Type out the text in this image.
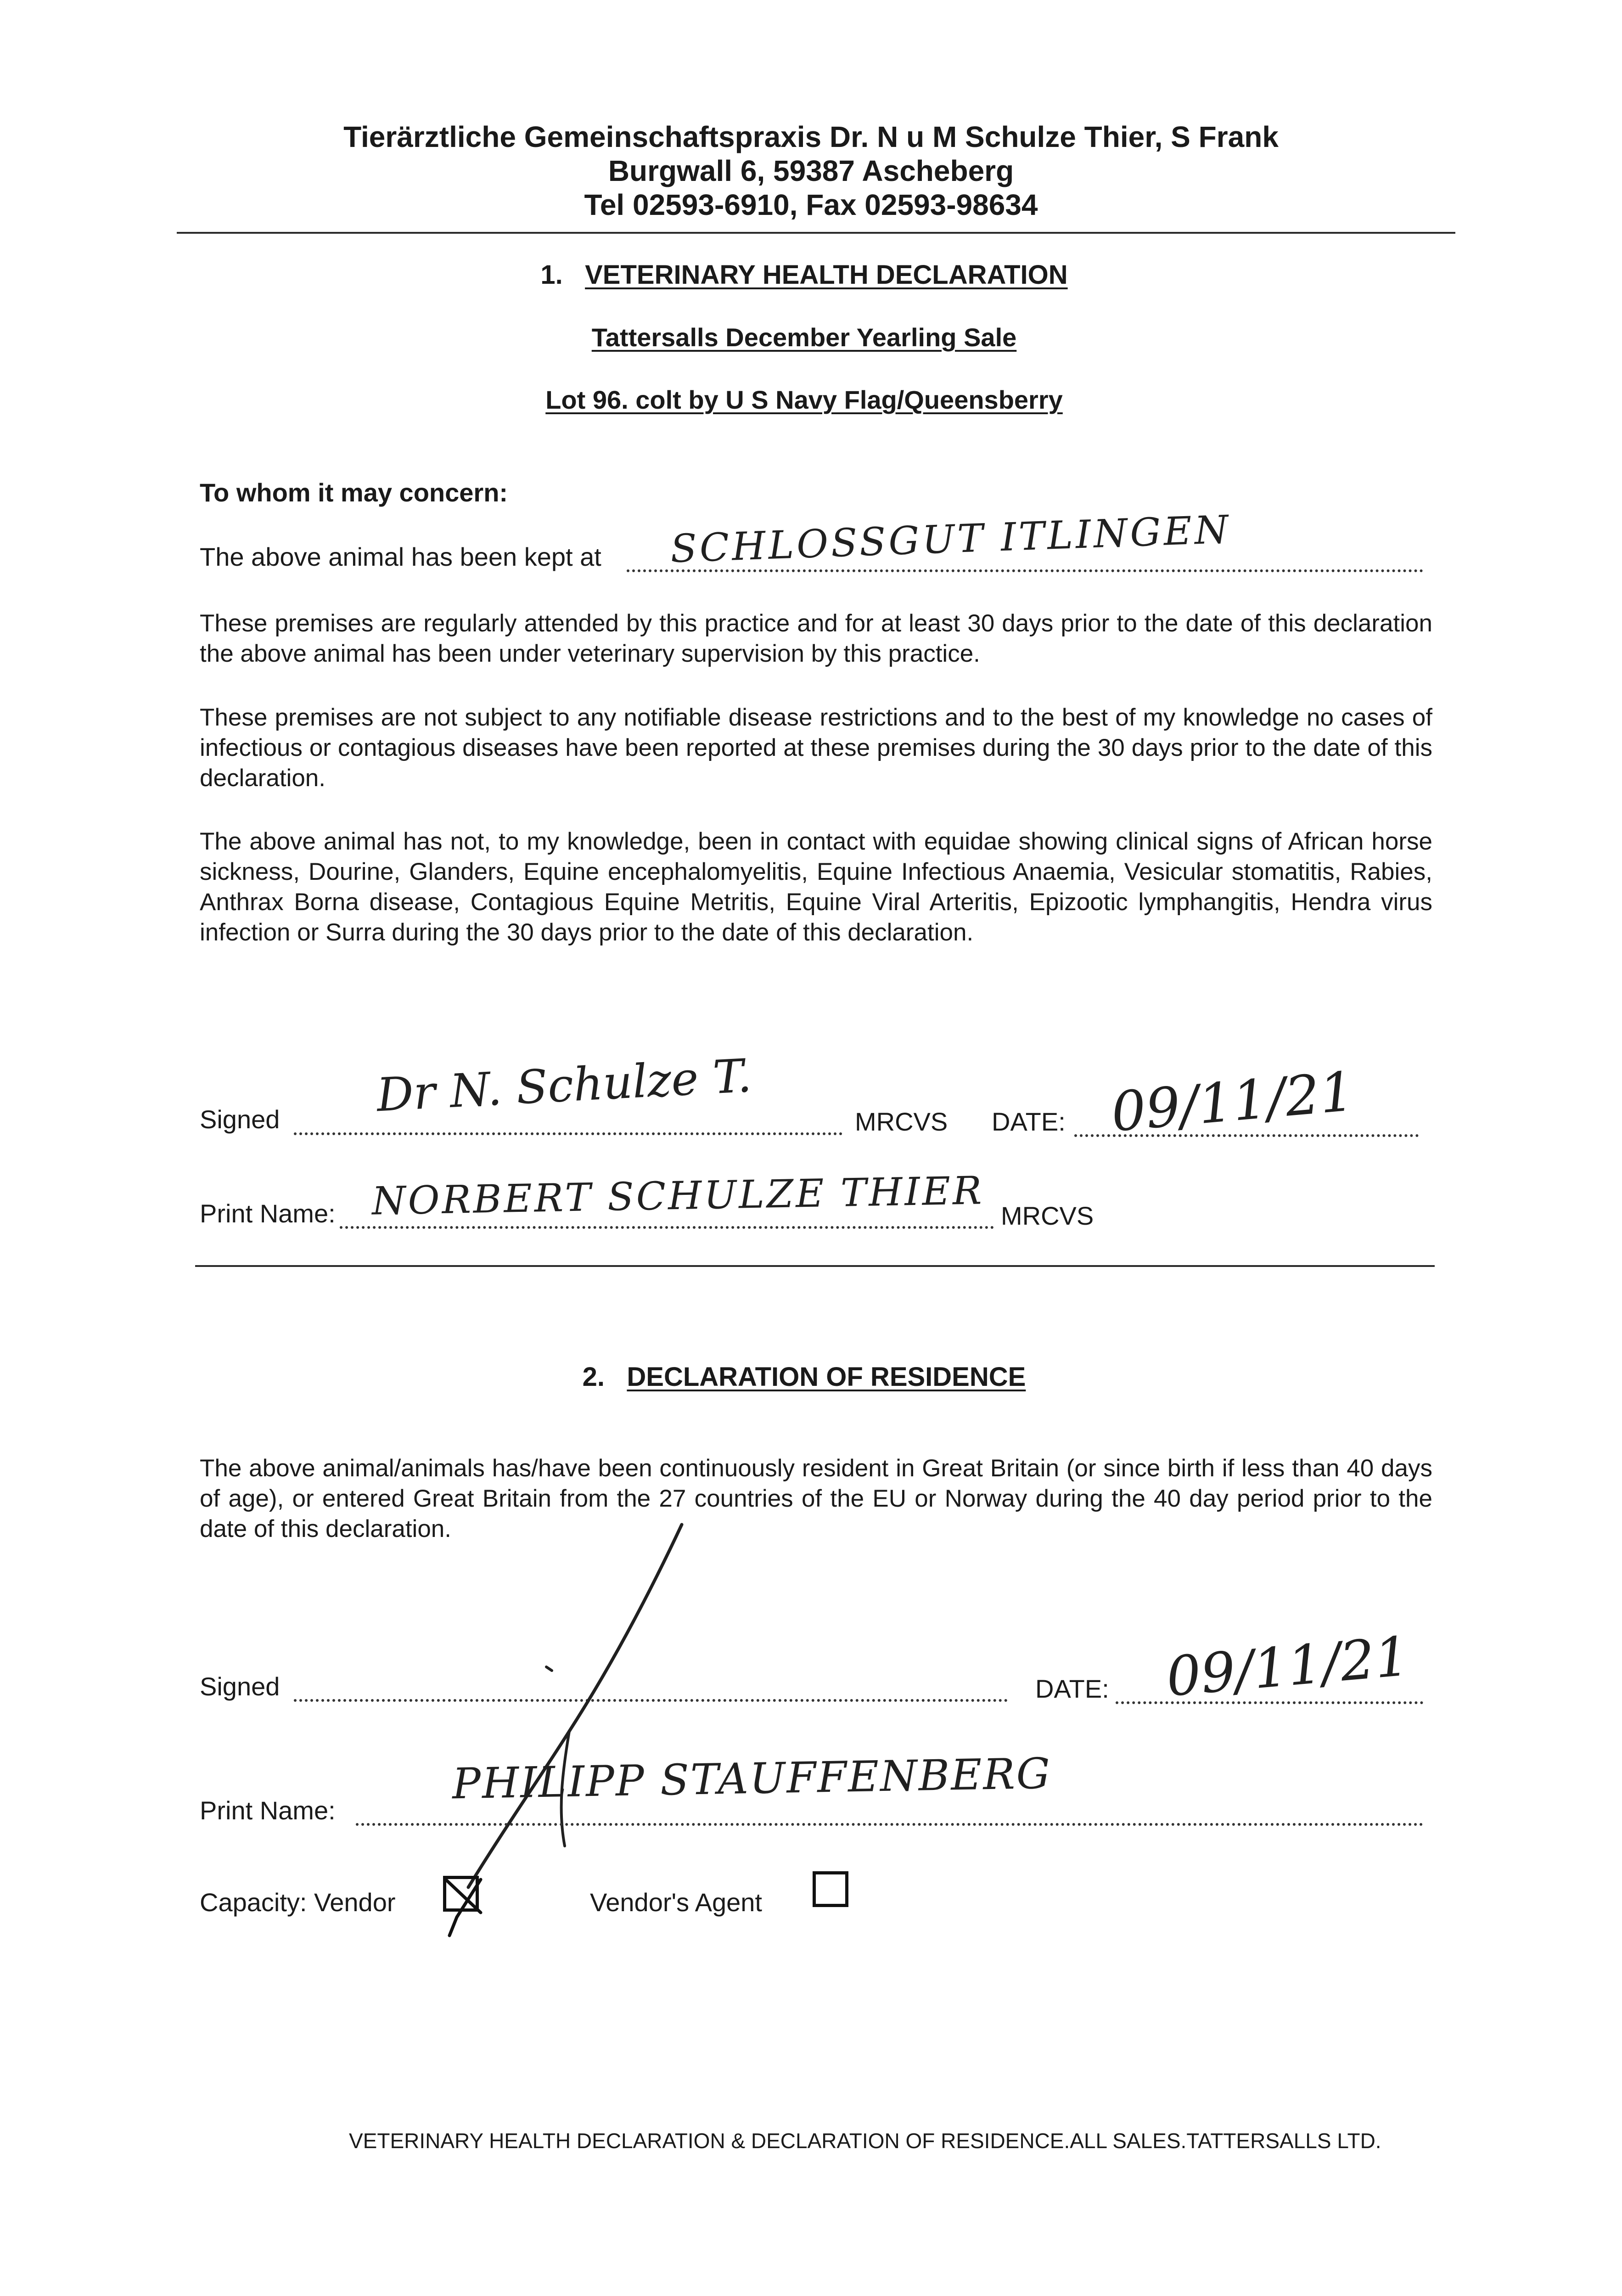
Tierärztliche Gemeinschaftspraxis Dr. N u M Schulze Thier, S Frank
Burgwall 6, 59387 Ascheberg
Tel 02593-6910, Fax 02593-98634
1. VETERINARY HEALTH DECLARATION
Tattersalls December Yearling Sale
Lot 96. colt by U S Navy Flag/Queensberry
To whom it may concern:
The above animal has been kept at SCHLOSSGUT ITLINGEN
These premises are regularly attended by this practice and for at least 30 days prior to the date of this declaration the above animal has been under veterinary supervision by this practice.
These premises are not subject to any notifiable disease restrictions and to the best of my knowledge no cases of infectious or contagious diseases have been reported at these premises during the 30 days prior to the date of this declaration.
The above animal has not, to my knowledge, been in contact with equidae showing clinical signs of African horse sickness, Dourine, Glanders, Equine encephalomyelitis, Equine Infectious Anaemia, Vesicular stomatitis, Rabies, Anthrax Borna disease, Contagious Equine Metritis, Equine Viral Arteritis, Epizootic lymphangitis, Hendra virus infection or Surra during the 30 days prior to the date of this declaration.
Signed Dr N. Schulze T.	MRCVS DATE: 09/11/21
Print Name: NORBERT SCHULZE THIER MRCVS
2. DECLARATION OF RESIDENCE
The above animal/animals has/have been continuously resident in Great Britain (or since birth if less than 40 days of age), or entered Great Britain from the 27 countries of the EU or Norway during the 40 day period prior to the date of this declaration.
Signed	DATE: 09/11/21
Print Name:
PHILIPP STAUFFENBERG
Capacity: Vendor	Vendor's Agent
VETERINARY HEALTH DECLARATION & DECLARATION OF RESIDENCE.ALL SALES.TATTERSALLS LTD.
